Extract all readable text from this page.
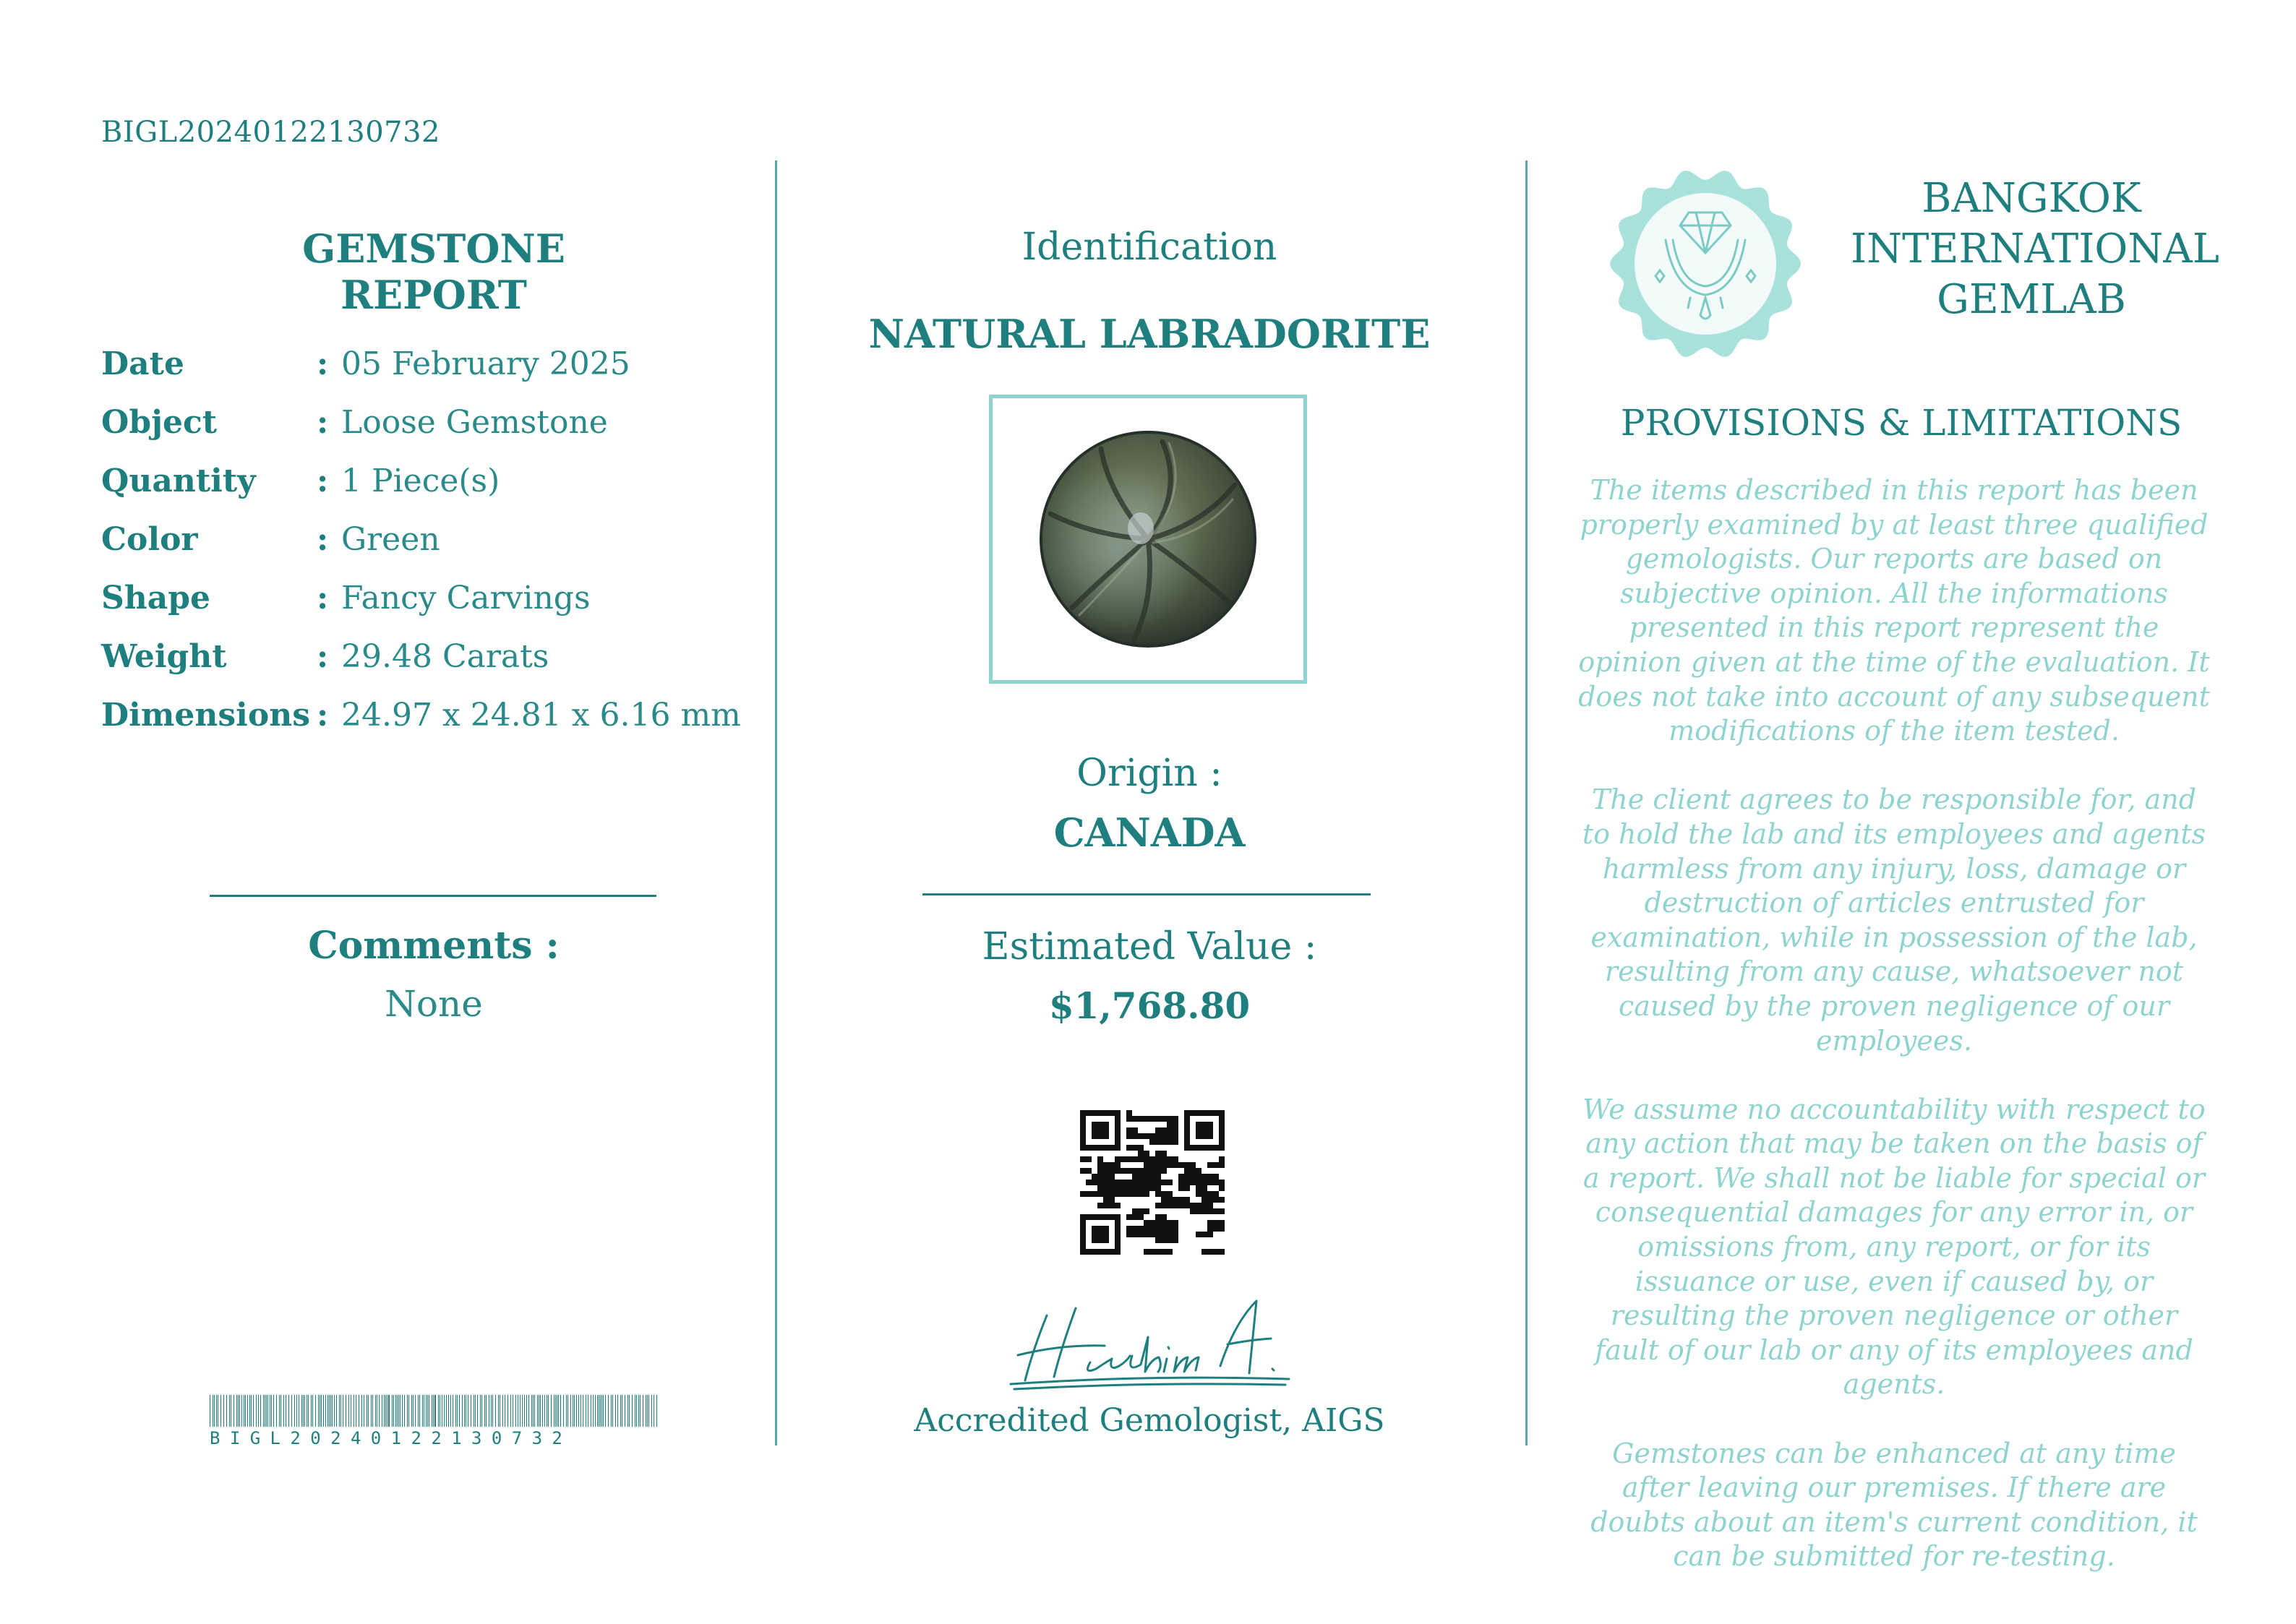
BIGL20240122130732
GEMSTONE REPORT
Date	: 05 February 2025
Object	: Loose Gemstone
Quantity	: 1 Piece(s)
Color	: Green
Shape	: Fancy Carvings
Weight	: 29.48 Carats
Dimensions : 24.97 x 24.81 x 6.16 mm
Comments :
None
BIGL20240122130732
Identification
NATURAL LABRADORITE
Origin :
CANADA
Estimated Value :
$1,768.80
Accredited Gemologist, AIGS
BANGKOK
INTERNATIONAL
GEMLAB
PROVISIONS & LIMITATIONS

The items described in this report has been properly examined by at least three qualified gemologists. Our reports are based on subjective opinion. All the informations presented in this report represent the opinion given at the time of the evaluation. It does not take into account of any subsequent modifications of the item tested.

The client agrees to be responsible for, and to hold the lab and its employees and agents harmless from any injury, loss, damage or destruction of articles entrusted for examination, while in possession of the lab, resulting from any cause, whatsoever not caused by the proven negligence of our employees.

We assume no accountability with respect to any action that may be taken on the basis of a report. We shall not be liable for special or consequential damages for any error in, or omissions from, any report, or for its issuance or use, even if caused by, or resulting the proven negligence or other fault of our lab or any of its employees and agents.

Gemstones can be enhanced at any time after leaving our premises. If there are doubts about an item's current condition, it can be submitted for re-testing.
